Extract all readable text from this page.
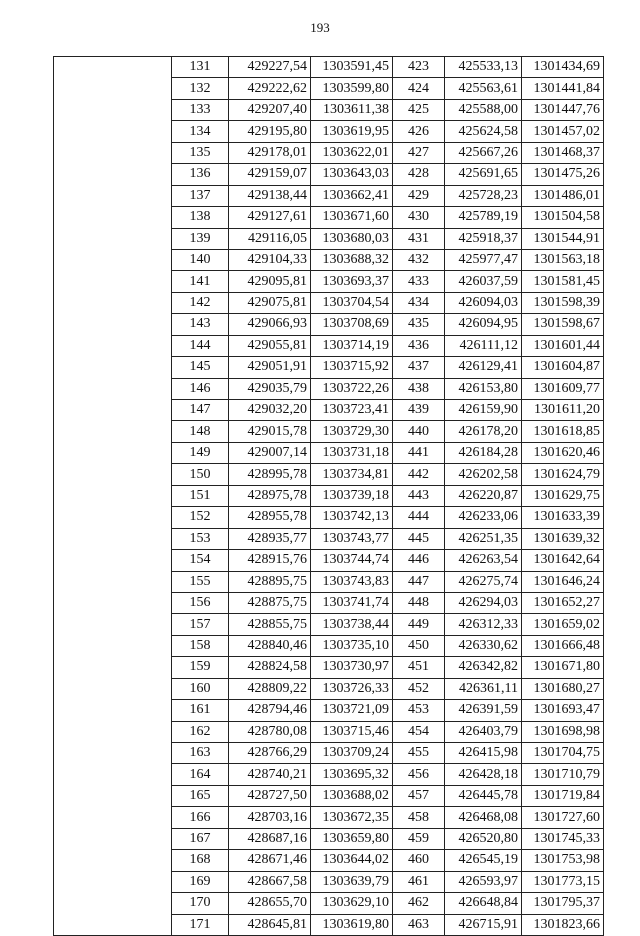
193
	131	429227,54	1303591,45	423	425533,13	1301434,69
	132	429222,62	1303599,80	424	425563,61	1301441,84
	133	429207,40	1303611,38	425	425588,00	1301447,76
	134	429195,80	1303619,95	426	425624,58	1301457,02
	135	429178,01	1303622,01	427	425667,26	1301468,37
	136	429159,07	1303643,03	428	425691,65	1301475,26
	137	429138,44	1303662,41	429	425728,23	1301486,01
	138	429127,61	1303671,60	430	425789,19	1301504,58
	139	429116,05	1303680,03	431	425918,37	1301544,91
	140	429104,33	1303688,32	432	425977,47	1301563,18
	141	429095,81	1303693,37	433	426037,59	1301581,45
	142	429075,81	1303704,54	434	426094,03	1301598,39
	143	429066,93	1303708,69	435	426094,95	1301598,67
	144	429055,81	1303714,19	436	426111,12	1301601,44
	145	429051,91	1303715,92	437	426129,41	1301604,87
	146	429035,79	1303722,26	438	426153,80	1301609,77
	147	429032,20	1303723,41	439	426159,90	1301611,20
	148	429015,78	1303729,30	440	426178,20	1301618,85
	149	429007,14	1303731,18	441	426184,28	1301620,46
	150	428995,78	1303734,81	442	426202,58	1301624,79
	151	428975,78	1303739,18	443	426220,87	1301629,75
	152	428955,78	1303742,13	444	426233,06	1301633,39
	153	428935,77	1303743,77	445	426251,35	1301639,32
	154	428915,76	1303744,74	446	426263,54	1301642,64
	155	428895,75	1303743,83	447	426275,74	1301646,24
	156	428875,75	1303741,74	448	426294,03	1301652,27
	157	428855,75	1303738,44	449	426312,33	1301659,02
	158	428840,46	1303735,10	450	426330,62	1301666,48
	159	428824,58	1303730,97	451	426342,82	1301671,80
	160	428809,22	1303726,33	452	426361,11	1301680,27
	161	428794,46	1303721,09	453	426391,59	1301693,47
	162	428780,08	1303715,46	454	426403,79	1301698,98
	163	428766,29	1303709,24	455	426415,98	1301704,75
	164	428740,21	1303695,32	456	426428,18	1301710,79
	165	428727,50	1303688,02	457	426445,78	1301719,84
	166	428703,16	1303672,35	458	426468,08	1301727,60
	167	428687,16	1303659,80	459	426520,80	1301745,33
	168	428671,46	1303644,02	460	426545,19	1301753,98
	169	428667,58	1303639,79	461	426593,97	1301773,15
	170	428655,70	1303629,10	462	426648,84	1301795,37
	171	428645,81	1303619,80	463	426715,91	1301823,66
